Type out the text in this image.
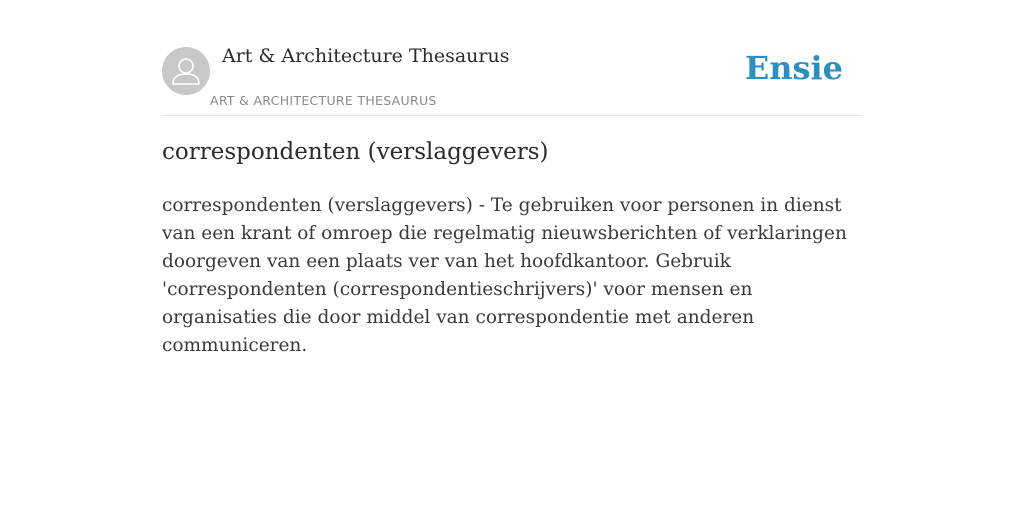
Art & Architecture Thesaurus
ART & ARCHITECTURE THESAURUS
Ensie
correspondenten (verslaggevers)

correspondenten (verslaggevers) - Te gebruiken voor personen in dienst van een krant of omroep die regelmatig nieuwsberichten of verklaringen doorgeven van een plaats ver van het hoofdkantoor. Gebruik 'correspondenten (correspondentieschrijvers)' voor mensen en organisaties die door middel van correspondentie met anderen communiceren.
